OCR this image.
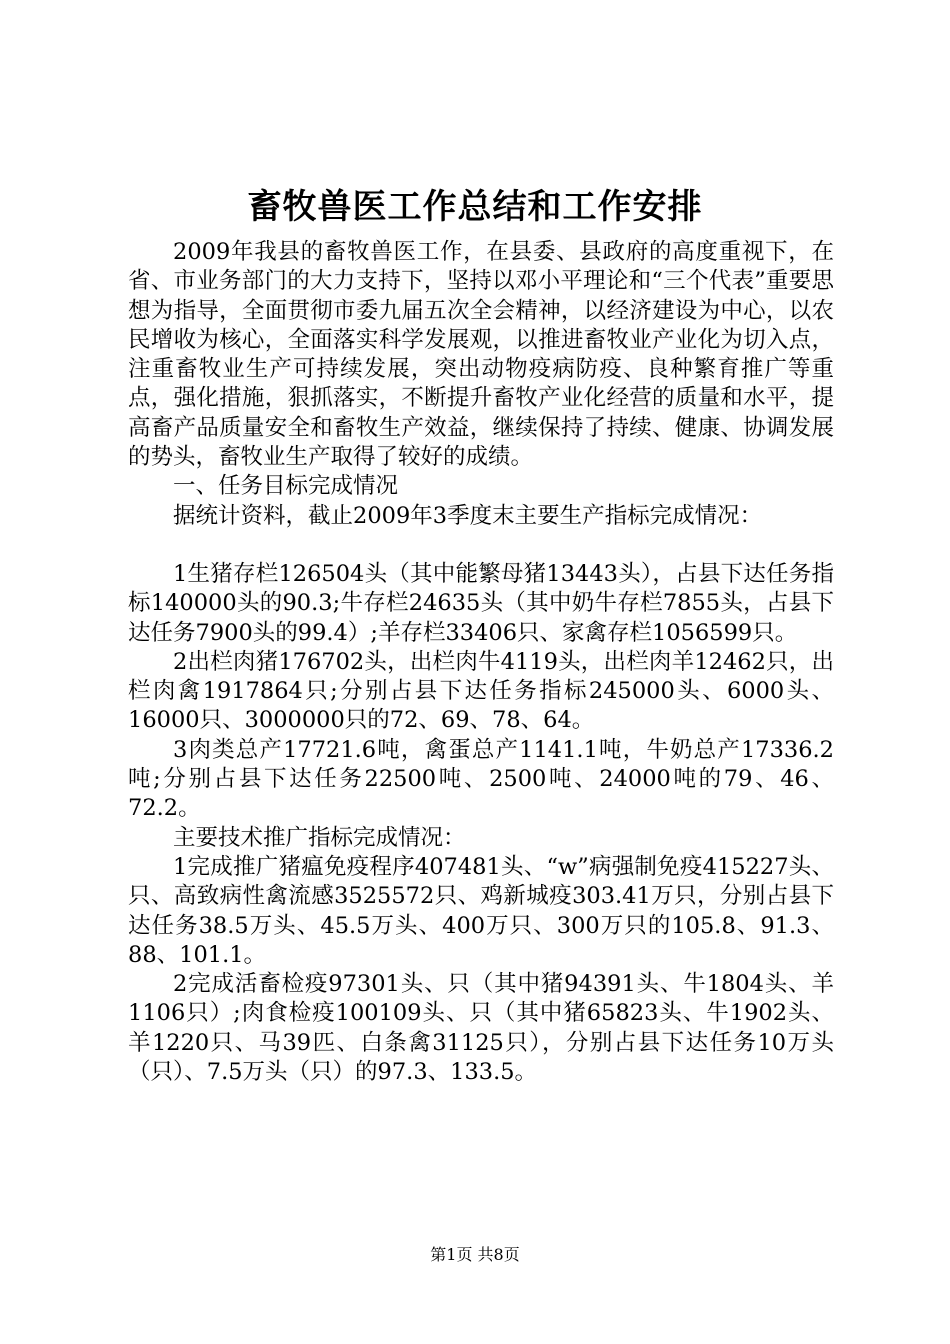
畜牧兽医工作总结和工作安排

2009年我县的畜牧兽医工作，在县委、县政府的高度重视下，在省、市业务部门的大力支持下，坚持以邓小平理论和“三个代表”重要思想为指导，全面贯彻市委九届五次全会精神，以经济建设为中心，以农民增收为核心，全面落实科学发展观，以推进畜牧业产业化为切入点，注重畜牧业生产可持续发展，突出动物疫病防疫、良种繁育推广等重点，强化措施，狠抓落实，不断提升畜牧产业化经营的质量和水平，提高畜产品质量安全和畜牧生产效益，继续保持了持续、健康、协调发展的势头，畜牧业生产取得了较好的成绩。

一、任务目标完成情况

据统计资料，截止2009年3季度末主要生产指标完成情况：

1生猪存栏126504头（其中能繁母猪13443头），占县下达任务指标140000头的90.3;牛存栏24635头（其中奶牛存栏7855头，占县下达任务7900头的99.4）;羊存栏33406只、家禽存栏1056599只。

2出栏肉猪176702头，出栏肉牛4119头，出栏肉羊12462只，出栏肉禽1917864只;分别占县下达任务指标245000头、6000头、16000只、3000000只的72、69、78、64。

3肉类总产17721.6吨，禽蛋总产1141.1吨，牛奶总产17336.2吨;分别占县下达任务22500吨、2500吨、24000吨的79、46、72.2。

主要技术推广指标完成情况：

1完成推广猪瘟免疫程序407481头、“w”病强制免疫415227头、只、高致病性禽流感3525572只、鸡新城疫303.41万只，分别占县下达任务38.5万头、45.5万头、400万只、300万只的105.8、91.3、88、101.1。

2完成活畜检疫97301头、只（其中猪94391头、牛1804头、羊1106只）;肉食检疫100109头、只（其中猪65823头、牛1902头、羊1220只、马39匹、白条禽31125只），分别占县下达任务10万头（只）、7.5万头（只）的97.3、133.5。

第1页 共8页
